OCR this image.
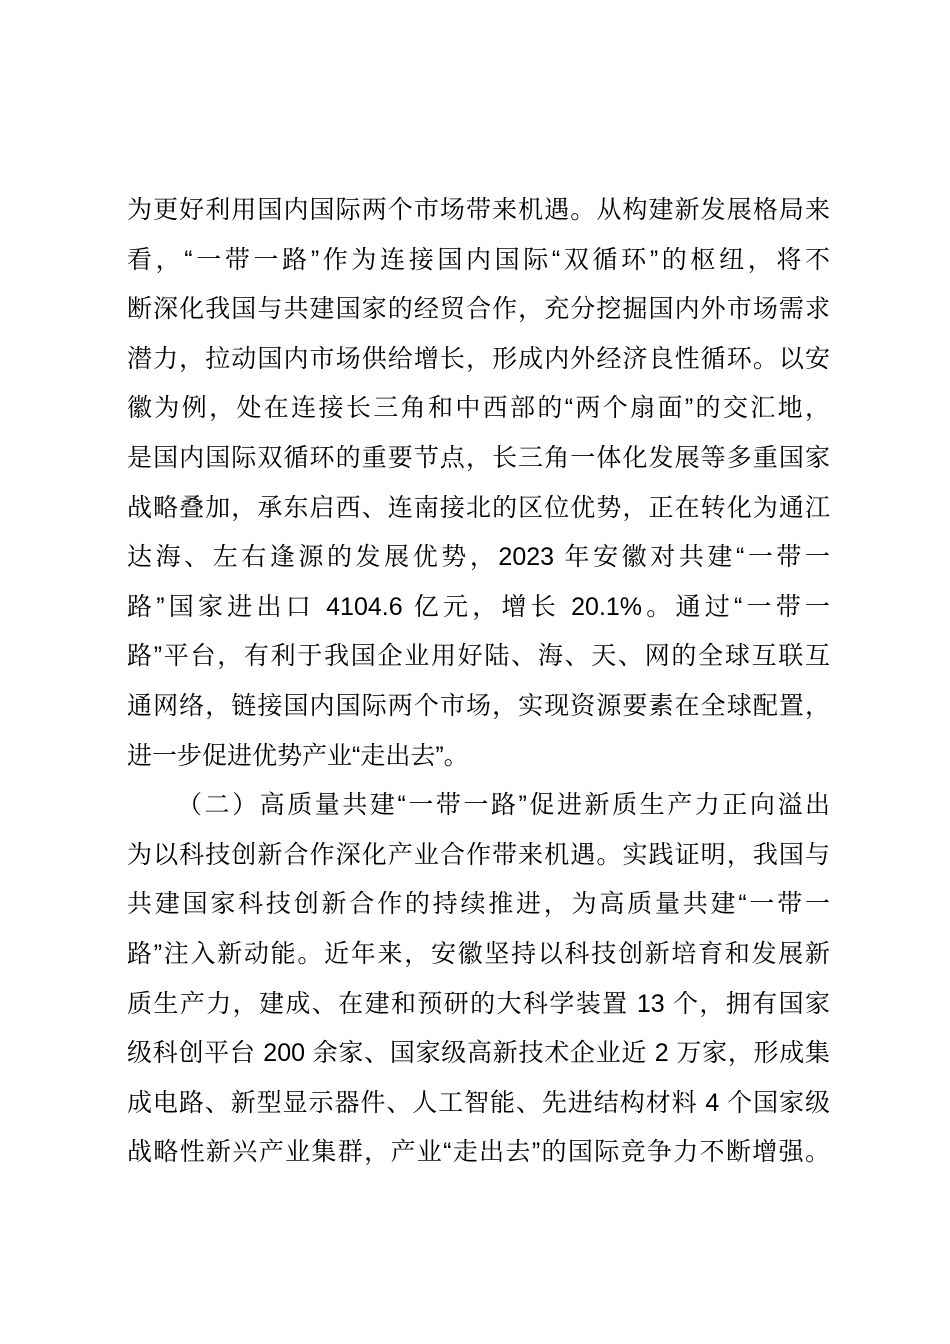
为更好利用国内国际两个市场带来机遇。从构建新发展格局来
看，“一带一路”作为连接国内国际“双循环”的枢纽，将不
断深化我国与共建国家的经贸合作，充分挖掘国内外市场需求
潜力，拉动国内市场供给增长，形成内外经济良性循环。以安
徽为例，处在连接长三角和中西部的“两个扇面”的交汇地，
是国内国际双循环的重要节点，长三角一体化发展等多重国家
战略叠加，承东启西、连南接北的区位优势，正在转化为通江
达海、左右逢源的发展优势，2023 年安徽对共建“一带一
路”国家进出口 4104.6 亿元，增长 20.1%。通过“一带一
路”平台，有利于我国企业用好陆、海、天、网的全球互联互
通网络，链接国内国际两个市场，实现资源要素在全球配置，
进一步促进优势产业“走出去”。
（二）高质量共建“一带一路”促进新质生产力正向溢出
为以科技创新合作深化产业合作带来机遇。实践证明，我国与
共建国家科技创新合作的持续推进，为高质量共建“一带一
路”注入新动能。近年来，安徽坚持以科技创新培育和发展新
质生产力，建成、在建和预研的大科学装置 13 个，拥有国家
级科创平台 200 余家、国家级高新技术企业近 2 万家，形成集
成电路、新型显示器件、人工智能、先进结构材料 4 个国家级
战略性新兴产业集群，产业“走出去”的国际竞争力不断增强。
